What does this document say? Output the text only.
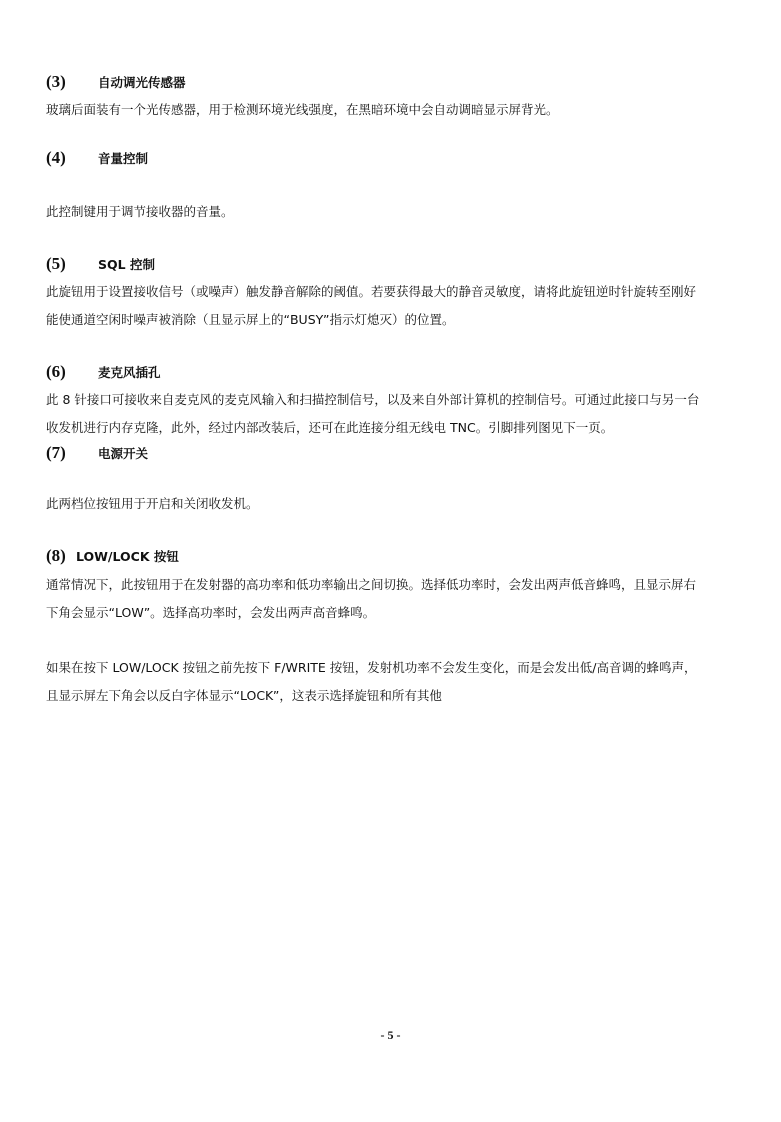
(3)	自动调光传感器
玻璃后面装有一个光传感器，用于检测环境光线强度，在黑暗环境中会自动调暗显示屏背光。
(4)	音量控制
此控制键用于调节接收器的音量。
(5)	SQL 控制
此旋钮用于设置接收信号（或噪声）触发静音解除的阈值。若要获得最大的静音灵敏度，请将此旋钮逆时针旋转至刚好
能使通道空闲时噪声被消除（且显示屏上的“BUSY”指示灯熄灭）的位置。
(6)	麦克风插孔
此 8 针接口可接收来自麦克风的麦克风输入和扫描控制信号，以及来自外部计算机的控制信号。可通过此接口与另一台
收发机进行内存克隆，此外，经过内部改装后，还可在此连接分组无线电 TNC。引脚排列图见下一页。
(7)	电源开关
此两档位按钮用于开启和关闭收发机。
(8) LOW/LOCK 按钮
通常情况下，此按钮用于在发射器的高功率和低功率输出之间切换。选择低功率时，会发出两声低音蜂鸣，且显示屏右
下角会显示“LOW”。选择高功率时，会发出两声高音蜂鸣。
如果在按下 LOW/LOCK 按钮之前先按下 F/WRITE 按钮，发射机功率不会发生变化，而是会发出低/高音调的蜂鸣声，
且显示屏左下角会以反白字体显示“LOCK”，这表示选择旋钮和所有其他
- 5 -
